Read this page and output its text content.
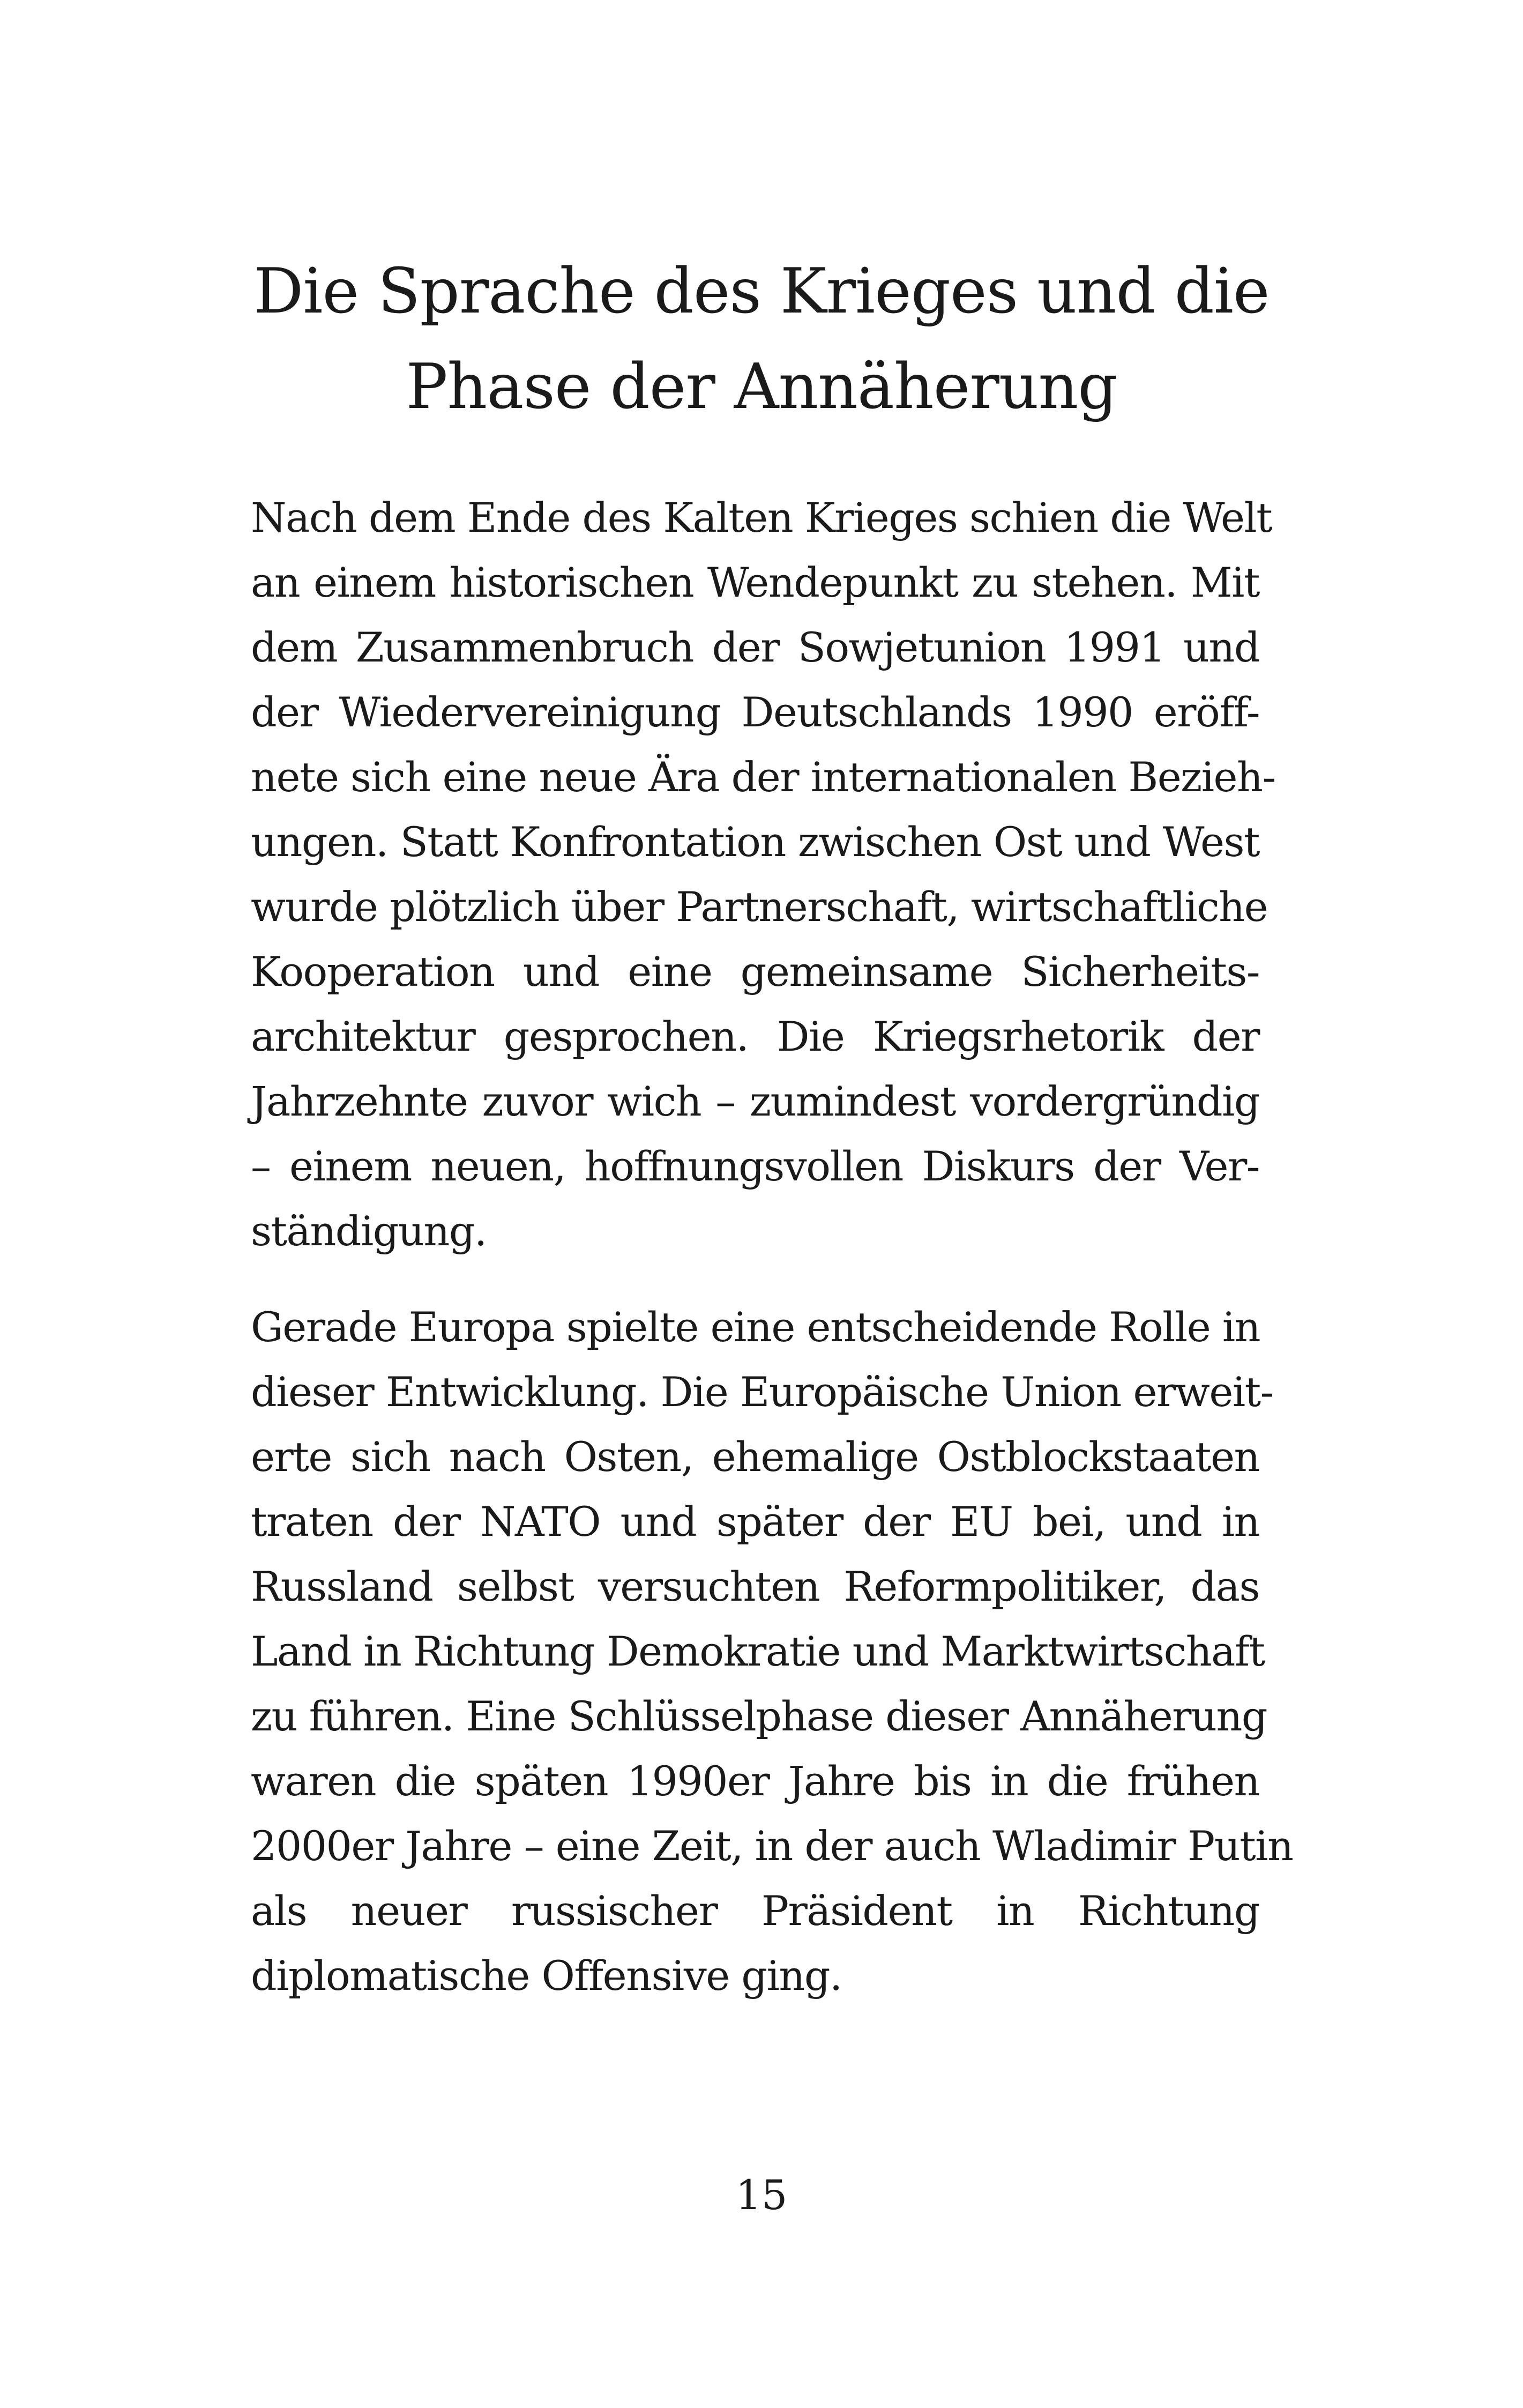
Die Sprache des Krieges und die
Phase der Annäherung
Nach dem Ende des Kalten Krieges schien die Welt
an einem historischen Wendepunkt zu stehen. Mit
dem Zusammenbruch der Sowjetunion 1991 und
der Wiedervereinigung Deutschlands 1990 eröff-
nete sich eine neue Ära der internationalen Bezieh-
ungen. Statt Konfrontation zwischen Ost und West
wurde plötzlich über Partnerschaft, wirtschaftliche
Kooperation und eine gemeinsame Sicherheits-
architektur gesprochen. Die Kriegsrhetorik der
Jahrzehnte zuvor wich – zumindest vordergründig
– einem neuen, hoffnungsvollen Diskurs der Ver-
ständigung.
Gerade Europa spielte eine entscheidende Rolle in
dieser Entwicklung. Die Europäische Union erweit-
erte sich nach Osten, ehemalige Ostblockstaaten
traten der NATO und später der EU bei, und in
Russland selbst versuchten Reformpolitiker, das
Land in Richtung Demokratie und Marktwirtschaft
zu führen. Eine Schlüsselphase dieser Annäherung
waren die späten 1990er Jahre bis in die frühen
2000er Jahre – eine Zeit, in der auch Wladimir Putin
als neuer russischer Präsident in Richtung
diplomatische Offensive ging.
15
